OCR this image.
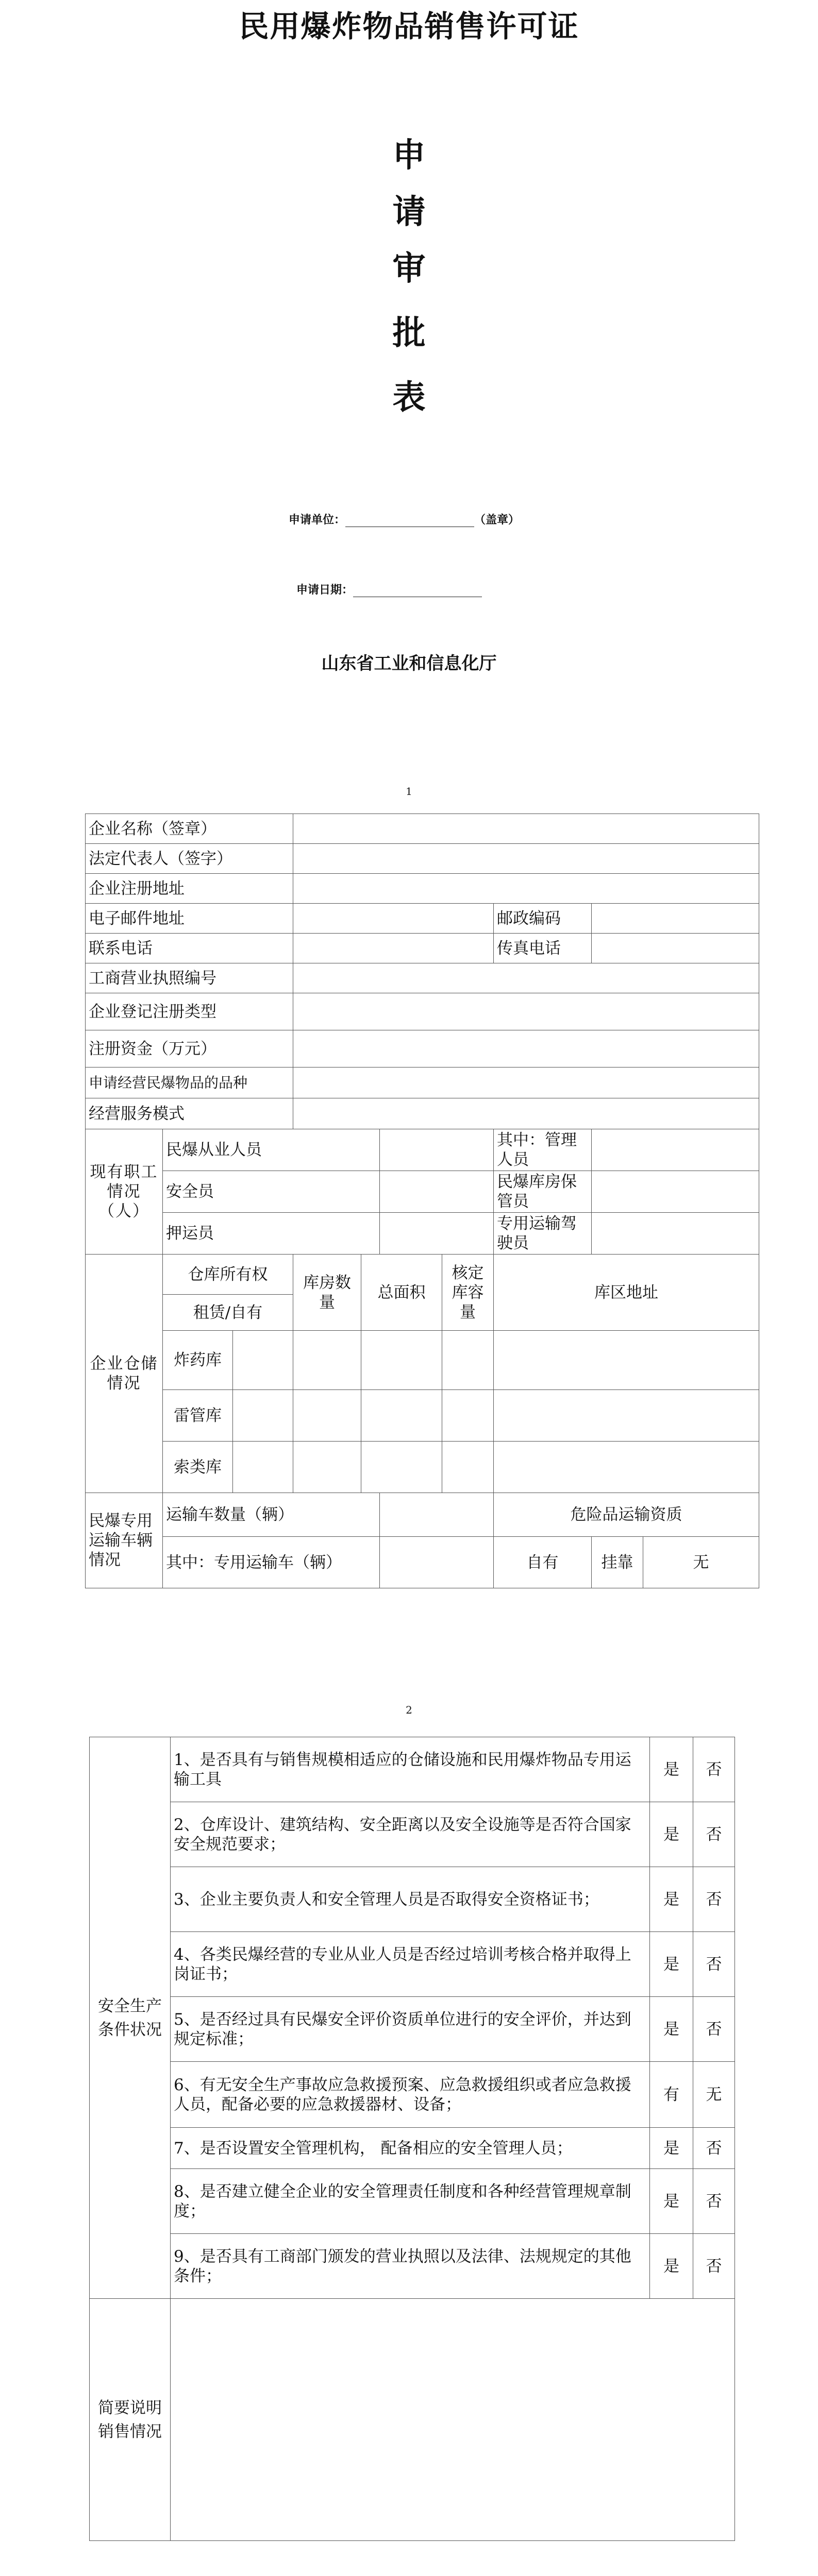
民用爆炸物品销售许可证
申
请
审
批
表
申请单位：	（盖章）
申请日期：
山东省工业和信息化厅
1
企业名称（签章）									
法定代表人（签字）									
企业注册地址									
电子邮件地址							邮政编码		
联系电话							传真电话		
工商营业执照编号									
企业登记注册类型									
注册资金（万元）									
申请经营民爆物品的品种									
经营服务模式									
现有职工情况（人）	民爆从业人员						其中：管理人员		
	安全员						民爆库房保管员		
	押运员						专用运输驾驶员		
企业仓储情况	仓库所有权		库房数量	总面积		核定库容量	库区地址		
	租赁/自有								
	炸药库								
	雷管库								
	索类库								
民爆专用运输车辆情况	运输车数量（辆）						危险品运输资质		
	其中：专用运输车（辆）						自有	挂靠	无
2
安全生产条件状况	1、是否具有与销售规模相适应的仓储设施和民用爆炸物品专用运输工具	是	否
	2、仓库设计、建筑结构、安全距离以及安全设施等是否符合国家安全规范要求；	是	否
	3、企业主要负责人和安全管理人员是否取得安全资格证书；	是	否
	4、各类民爆经营的专业从业人员是否经过培训考核合格并取得上岗证书；	是	否
	5、是否经过具有民爆安全评价资质单位进行的安全评价，并达到规定标准；	是	否
	6、有无安全生产事故应急救援预案、应急救援组织或者应急救援人员，配备必要的应急救援器材、设备；	有	无
	7、是否设置安全管理机构， 配备相应的安全管理人员；	是	否
	8、是否建立健全企业的安全管理责任制度和各种经营管理规章制度；	是	否
	9、是否具有工商部门颁发的营业执照以及法律、法规规定的其他条件；	是	否
简要说明销售情况			
